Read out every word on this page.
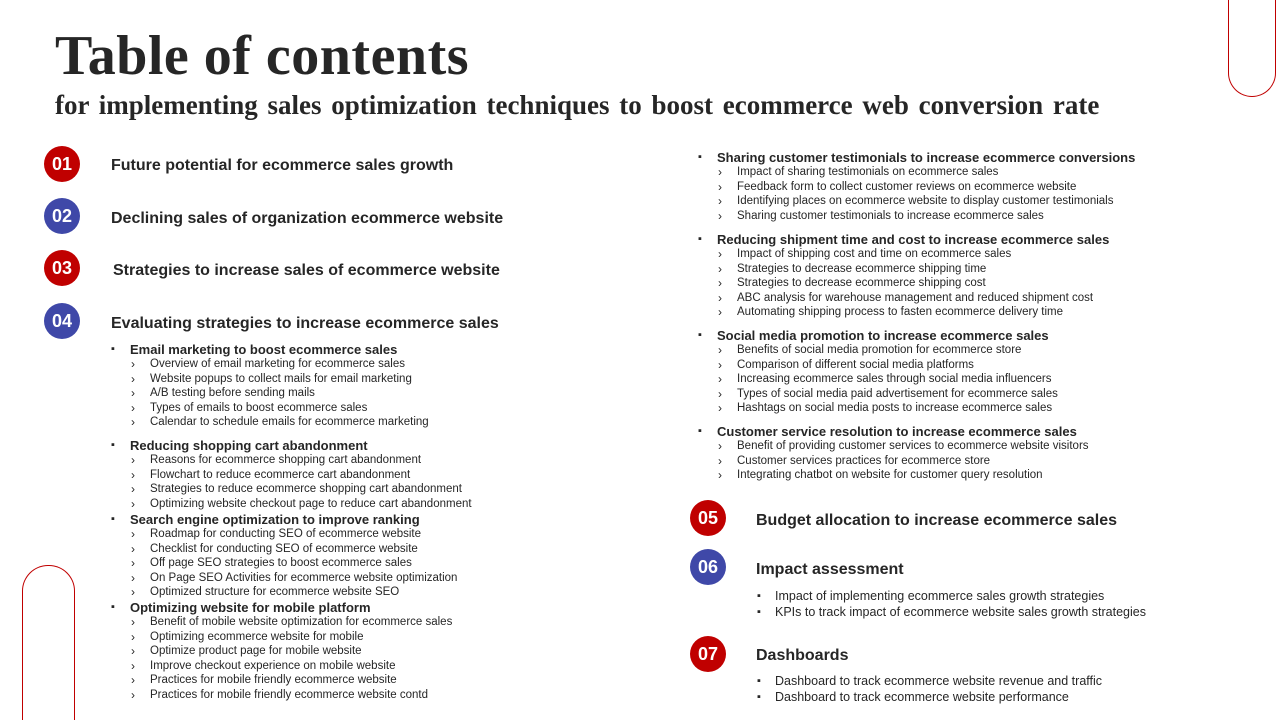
Table of contents
for implementing sales optimization techniques to boost ecommerce web conversion rate
01	Future potential for ecommerce sales growth
02	Declining sales of organization ecommerce website
03	Strategies to increase sales of ecommerce website
04	Evaluating strategies to increase ecommerce sales
05	Budget allocation to increase ecommerce sales
06	Impact assessment
07	Dashboards
▪ Email marketing to boost ecommerce sales
› Overview of email marketing for ecommerce sales
› Website popups to collect mails for email marketing
› A/B testing before sending mails
› Types of emails to boost ecommerce sales
› Calendar to schedule emails for ecommerce marketing
▪ Reducing shopping cart abandonment
› Reasons for ecommerce shopping cart abandonment
› Flowchart to reduce ecommerce cart abandonment
› Strategies to reduce ecommerce shopping cart abandonment
› Optimizing website checkout page to reduce cart abandonment
▪ Search engine optimization to improve ranking
› Roadmap for conducting SEO of ecommerce website
› Checklist for conducting SEO of ecommerce website
› Off page SEO strategies to boost ecommerce sales
› On Page SEO Activities for ecommerce website optimization
› Optimized structure for ecommerce website SEO
▪ Optimizing website for mobile platform
› Benefit of mobile website optimization for ecommerce sales
› Optimizing ecommerce website for mobile
› Optimize product page for mobile website
› Improve checkout experience on mobile website
› Practices for mobile friendly ecommerce website
› Practices for mobile friendly ecommerce website contd
▪ Sharing customer testimonials to increase ecommerce conversions
› Impact of sharing testimonials on ecommerce sales
› Feedback form to collect customer reviews on ecommerce website
› Identifying places on ecommerce website to display customer testimonials
› Sharing customer testimonials to increase ecommerce sales
▪ Reducing shipment time and cost to increase ecommerce sales
› Impact of shipping cost and time on ecommerce sales
› Strategies to decrease ecommerce shipping time
› Strategies to decrease ecommerce shipping cost
› ABC analysis for warehouse management and reduced shipment cost
› Automating shipping process to fasten ecommerce delivery time
▪ Social media promotion to increase ecommerce sales
› Benefits of social media promotion for ecommerce store
› Comparison of different social media platforms
› Increasing ecommerce sales through social media influencers
› Types of social media paid advertisement for ecommerce sales
› Hashtags on social media posts to increase ecommerce sales
▪ Customer service resolution to increase ecommerce sales
› Benefit of providing customer services to ecommerce website visitors
› Customer services practices for ecommerce store
› Integrating chatbot on website for customer query resolution
▪ Impact of implementing ecommerce sales growth strategies
▪ KPIs to track impact of ecommerce website sales growth strategies
▪ Dashboard to track ecommerce website revenue and traffic
▪ Dashboard to track ecommerce website performance
